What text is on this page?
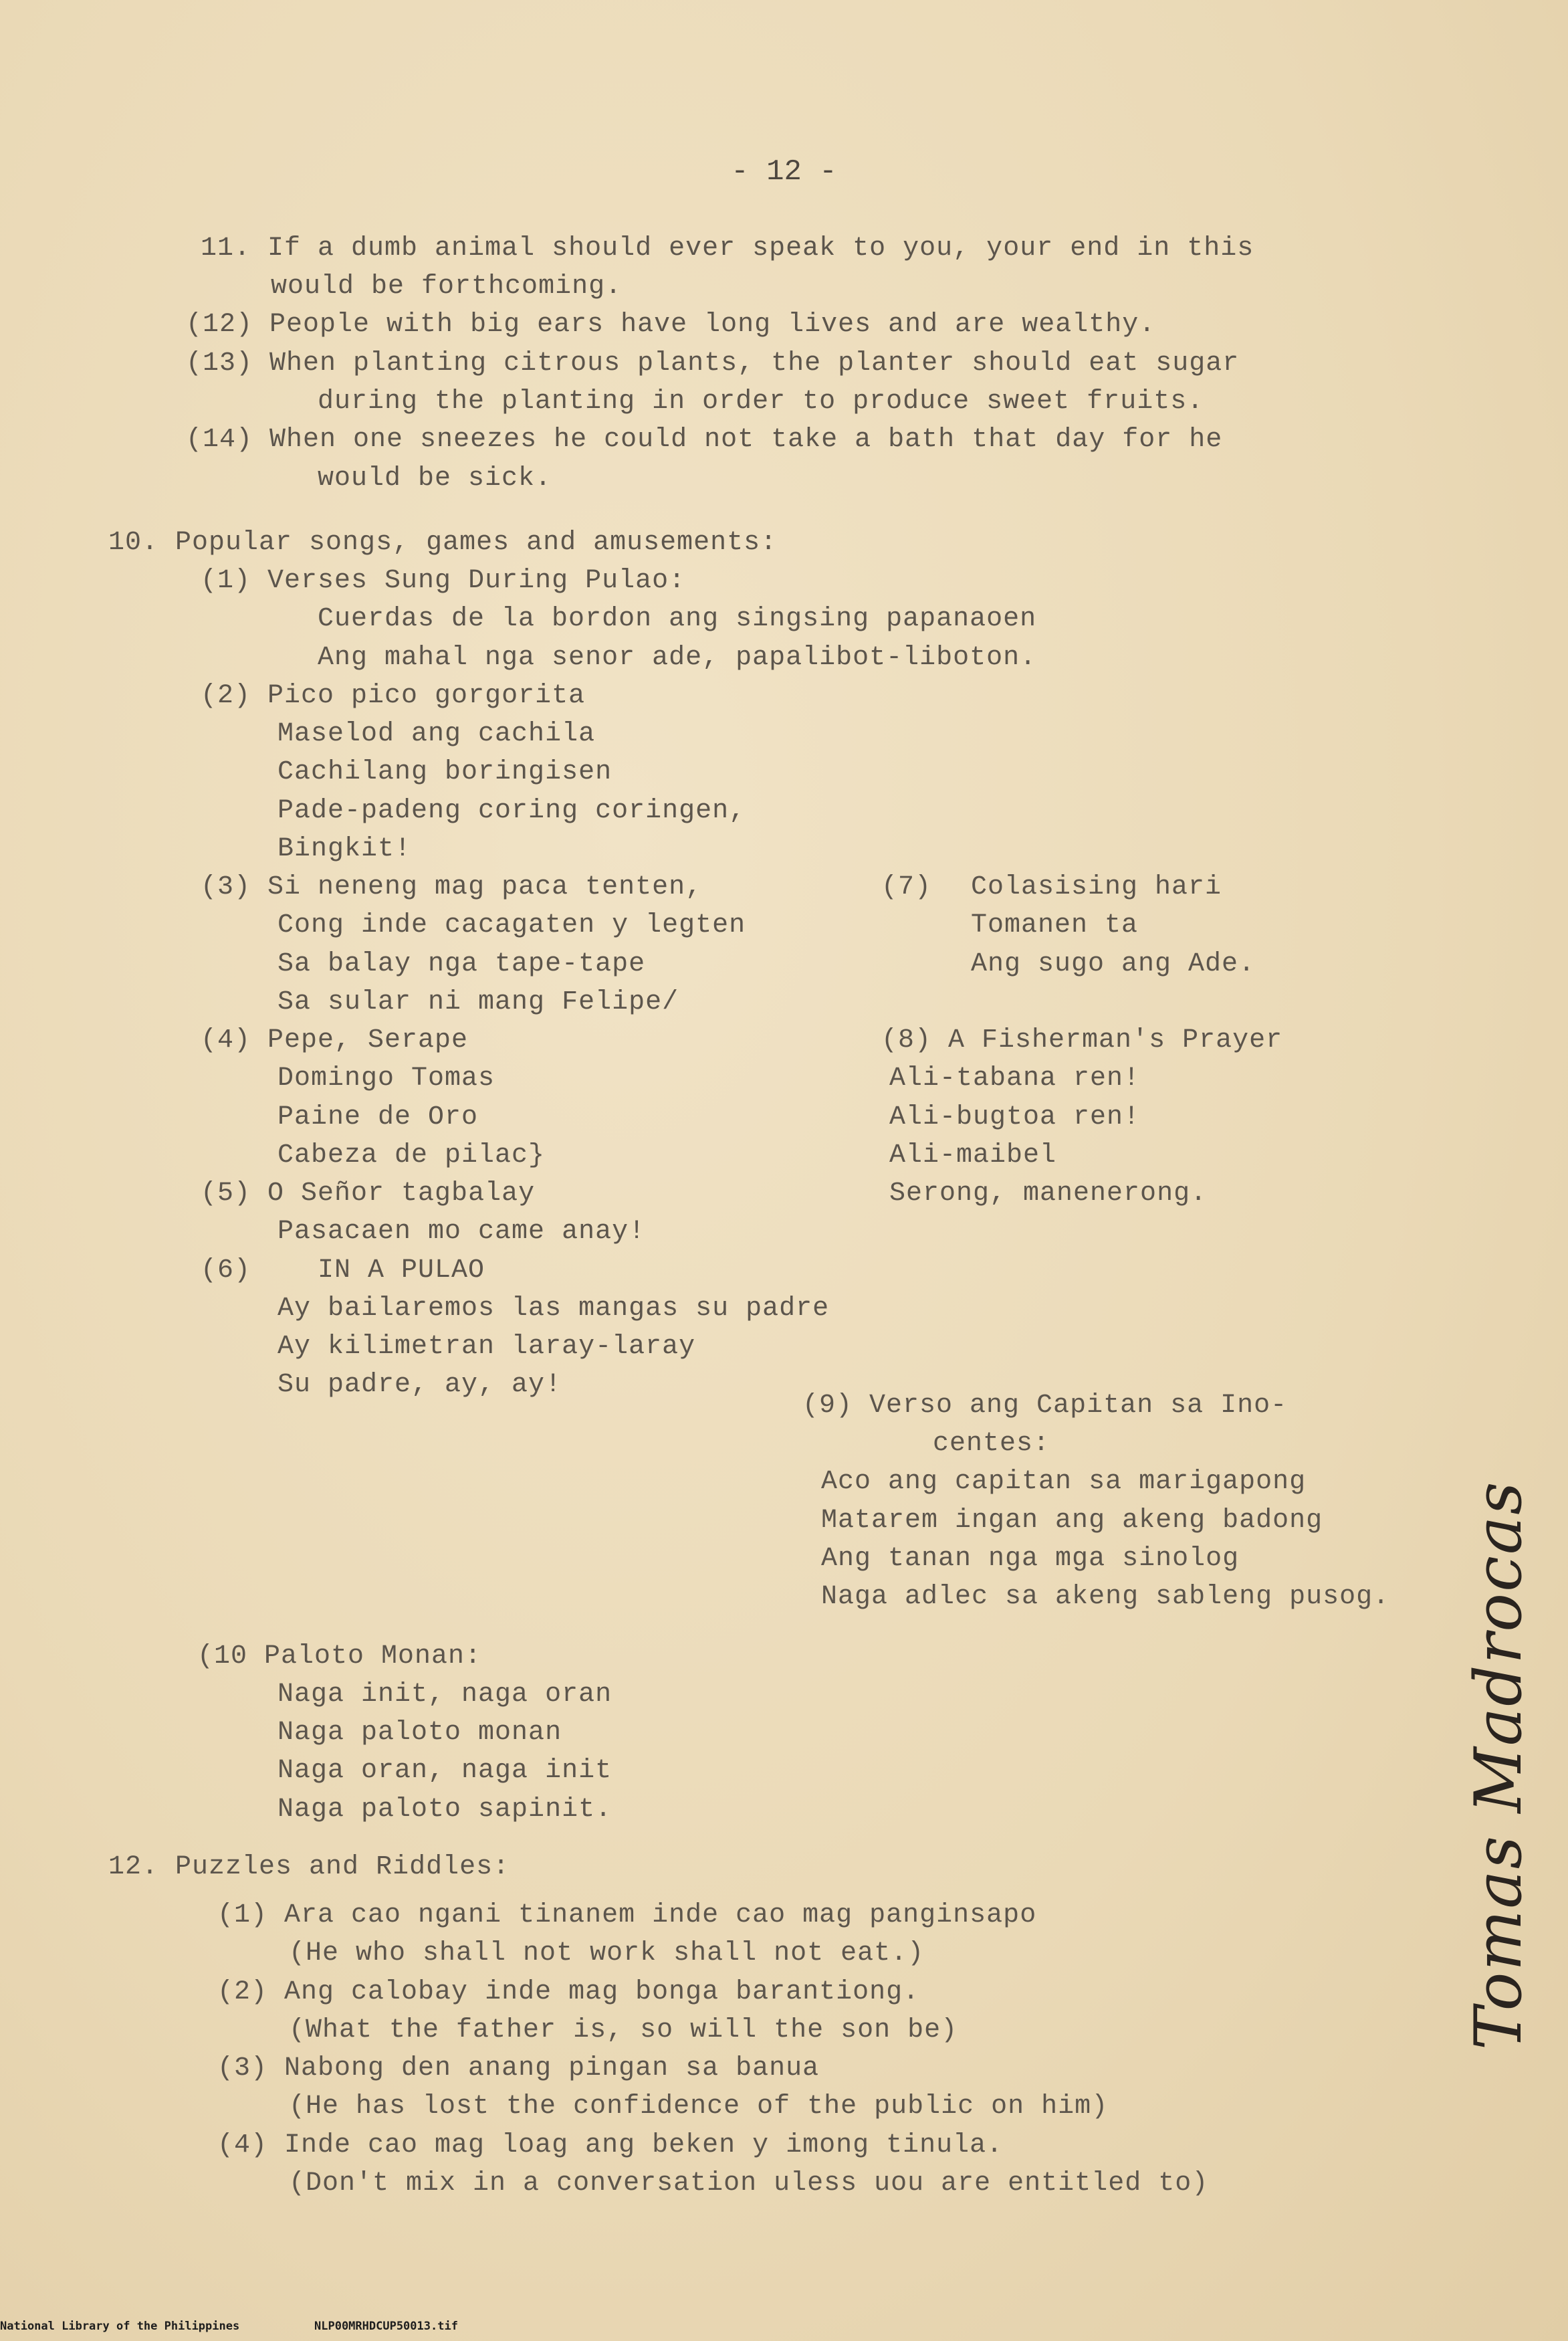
- 12 -
11. If a dumb animal should ever speak to you, your end in this
would be forthcoming.
(12) People with big ears have long lives and are wealthy.
(13) When planting citrous plants, the planter should eat sugar
during the planting in order to produce sweet fruits.
(14) When one sneezes he could not take a bath that day for he
would be sick.
10. Popular songs, games and amusements:
(1) Verses Sung During Pulao:
Cuerdas de la bordon ang singsing papanaoen
Ang mahal nga senor ade, papalibot-liboton.
(2) Pico pico gorgorita
Maselod ang cachila
Cachilang boringisen
Pade-padeng coring coringen,
Bingkit!
(3) Si neneng mag paca tenten,
Cong inde cacagaten y legten
Sa balay nga tape-tape
Sa sular ni mang Felipe/
(4) Pepe, Serape
Domingo Tomas
Paine de Oro
Cabeza de pilac}
(5) O Señor tagbalay
Pasacaen mo came anay!
(6) IN A PULAO
Ay bailaremos las mangas su padre
Ay kilimetran laray-laray
Su padre, ay, ay!
(7) Colasising hari
Tomanen ta
Ang sugo ang Ade.
(8) A Fisherman's Prayer
Ali-tabana ren!
Ali-bugtoa ren!
Ali-maibel
Serong, manenerong.
(9) Verso ang Capitan sa Ino-
centes:
Aco ang capitan sa marigapong
Matarem ingan ang akeng badong
Ang tanan nga mga sinolog
Naga adlec sa akeng sableng pusog.
(10 Paloto Monan:
Naga init, naga oran
Naga paloto monan
Naga oran, naga init
Naga paloto sapinit.
12. Puzzles and Riddles:
(1) Ara cao ngani tinanem inde cao mag panginsapo
(He who shall not work shall not eat.)
(2) Ang calobay inde mag bonga barantiong.
(What the father is, so will the son be)
(3) Nabong den anang pingan sa banua
(He has lost the confidence of the public on him)
(4) Inde cao mag loag ang beken y imong tinula.
(Don't mix in a conversation uless uou are entitled to)
Tomas Madrocas
National Library of the Philippines	NLP00MRHDCUP50013.tif
